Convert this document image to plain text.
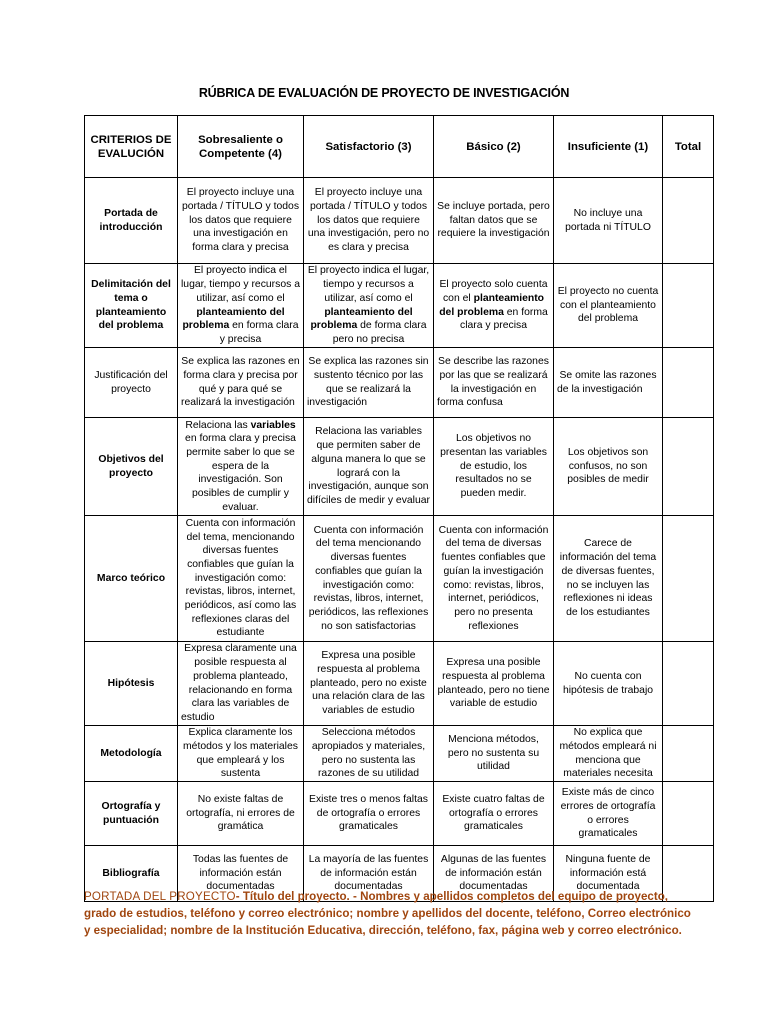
RÚBRICA DE EVALUACIÓN DE PROYECTO DE INVESTIGACIÓN
CRITERIOS DE EVALUCIÓN	Sobresaliente o Competente (4)	Satisfactorio (3)	Básico (2)	Insuficiente (1)	Total
Portada de introducción	El proyecto incluye una portada / TÍTULO y todos los datos que requiere una investigación en forma clara y precisa	El proyecto incluye una portada / TÍTULO y todos los datos que requiere una investigación, pero no es clara y precisa	Se incluye portada, pero faltan datos que se requiere la investigación	No incluye una portada ni TÍTULO	
Delimitación del tema o planteamiento del problema	El proyecto indica el lugar, tiempo y recursos a utilizar, así como el planteamiento del problema en forma clara y precisa	El proyecto indica el lugar, tiempo y recursos a utilizar, así como el planteamiento del problema de forma clara pero no precisa	El proyecto solo cuenta con el planteamiento del problema en forma clara y precisa	El proyecto no cuenta con el planteamiento del problema	
Justificación del proyecto	Se explica las razones en forma clara y precisa por qué y para qué se realizará la investigación	Se explica las razones sin sustento técnico por las que se realizará la investigación	Se describe las razones por las que se realizará la investigación en forma confusa	Se omite las razones de la investigación	
Objetivos del proyecto	Relaciona las variables en forma clara y precisa permite saber lo que se espera de la investigación. Son posibles de cumplir y evaluar.	Relaciona las variables que permiten saber de alguna manera lo que se logrará con la investigación, aunque son difíciles de medir y evaluar	Los objetivos no presentan las variables de estudio, los resultados no se pueden medir.	Los objetivos son confusos, no son posibles de medir	
Marco teórico	Cuenta con información del tema, mencionando diversas fuentes confiables que guían la investigación como: revistas, libros, internet, periódicos, así como las reflexiones claras del estudiante	Cuenta con información del tema mencionando diversas fuentes confiables que guían la investigación como: revistas, libros, internet, periódicos, las reflexiones no son satisfactorias	Cuenta con información del tema de diversas fuentes confiables que guían la investigación como: revistas, libros, internet, periódicos, pero no presenta reflexiones	Carece de información del tema de diversas fuentes, no se incluyen las reflexiones ni ideas de los estudiantes	
Hipótesis	Expresa claramente una posible respuesta al problema planteado, relacionando en forma clara las variables de estudio	Expresa una posible respuesta al problema planteado, pero no existe una relación clara de las variables de estudio	Expresa una posible respuesta al problema planteado, pero no tiene variable de estudio	No cuenta con hipótesis de trabajo	
Metodología	Explica claramente los métodos y los materiales que empleará y los sustenta	Selecciona métodos apropiados y materiales, pero no sustenta las razones de su utilidad	Menciona métodos, pero no sustenta su utilidad	No explica que métodos empleará ni menciona que materiales necesita	
Ortografía y puntuación	No existe faltas de ortografía, ni errores de gramática	Existe tres o menos faltas de ortografía o errores gramaticales	Existe cuatro faltas de ortografía o errores gramaticales	Existe más de cinco errores de ortografía o errores gramaticales	
Bibliografía	Todas las fuentes de información están documentadas	La mayoría de las fuentes de información están documentadas	Algunas de las fuentes de información están documentadas	Ninguna fuente de información está documentada	
PORTADA DEL PROYECTO- Título del proyecto. - Nombres y apellidos completos del equipo de proyecto, grado de estudios, teléfono y correo electrónico; nombre y apellidos del docente, teléfono, Correo electrónico y especialidad; nombre de la Institución Educativa, dirección, teléfono, fax, página web y correo electrónico.
